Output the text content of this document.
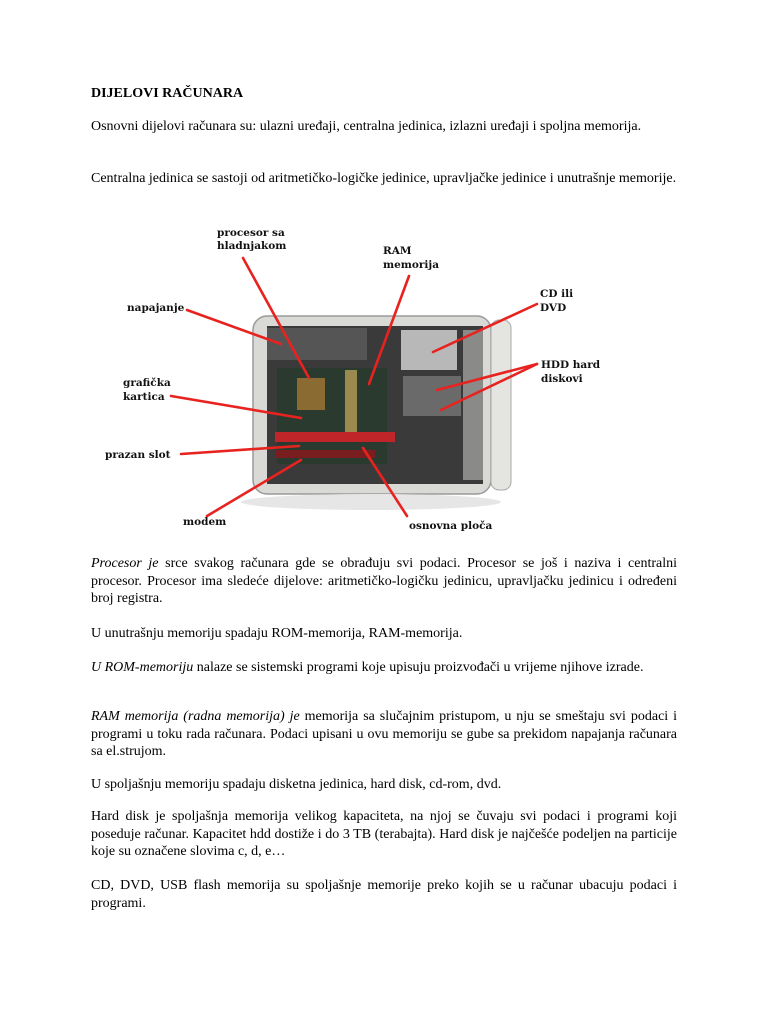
DIJELOVI RAČUNARA

Osnovni dijelovi računara su: ulazni uređaji, centralna jedinica, izlazni uređaji i spoljna memorija.

Centralna jedinica se sastoji od aritmetičko-logičke jedinice, upravljačke jedinice i unutrašnje memorije.

procesor sa
hladnjakom	RAM
memorija
napajanje
CD ili
DVD
HDD hard
diskovi
grafička
kartica
prazan slot
modem	osnovna ploča

Procesor je srce svakog računara gde se obrađuju svi podaci. Procesor se još i naziva i centralni procesor. Procesor ima sledeće dijelove: aritmetičko-logičku jedinicu, upravljačku jedinicu i određeni broj registra.

U unutrašnju memoriju spadaju ROM-memorija, RAM-memorija.

U ROM-memoriju nalaze se sistemski programi koje upisuju proizvođači u vrijeme njihove izrade.

RAM memorija (radna memorija) je memorija sa slučajnim pristupom, u nju se smeštaju svi podaci i programi u toku rada računara. Podaci upisani u ovu memoriju se gube sa prekidom napajanja računara sa el.strujom.

U spoljašnju memoriju spadaju disketna jedinica, hard disk, cd-rom, dvd.

Hard disk je spoljašnja memorija velikog kapaciteta, na njoj se čuvaju svi podaci i programi koji poseduje računar. Kapacitet hdd dostiže i do 3 TB (terabajta). Hard disk je najčešće podeljen na particije koje su označene slovima c, d, e…

CD, DVD, USB flash memorija su spoljašnje memorije preko kojih se u računar ubacuju podaci i programi.
